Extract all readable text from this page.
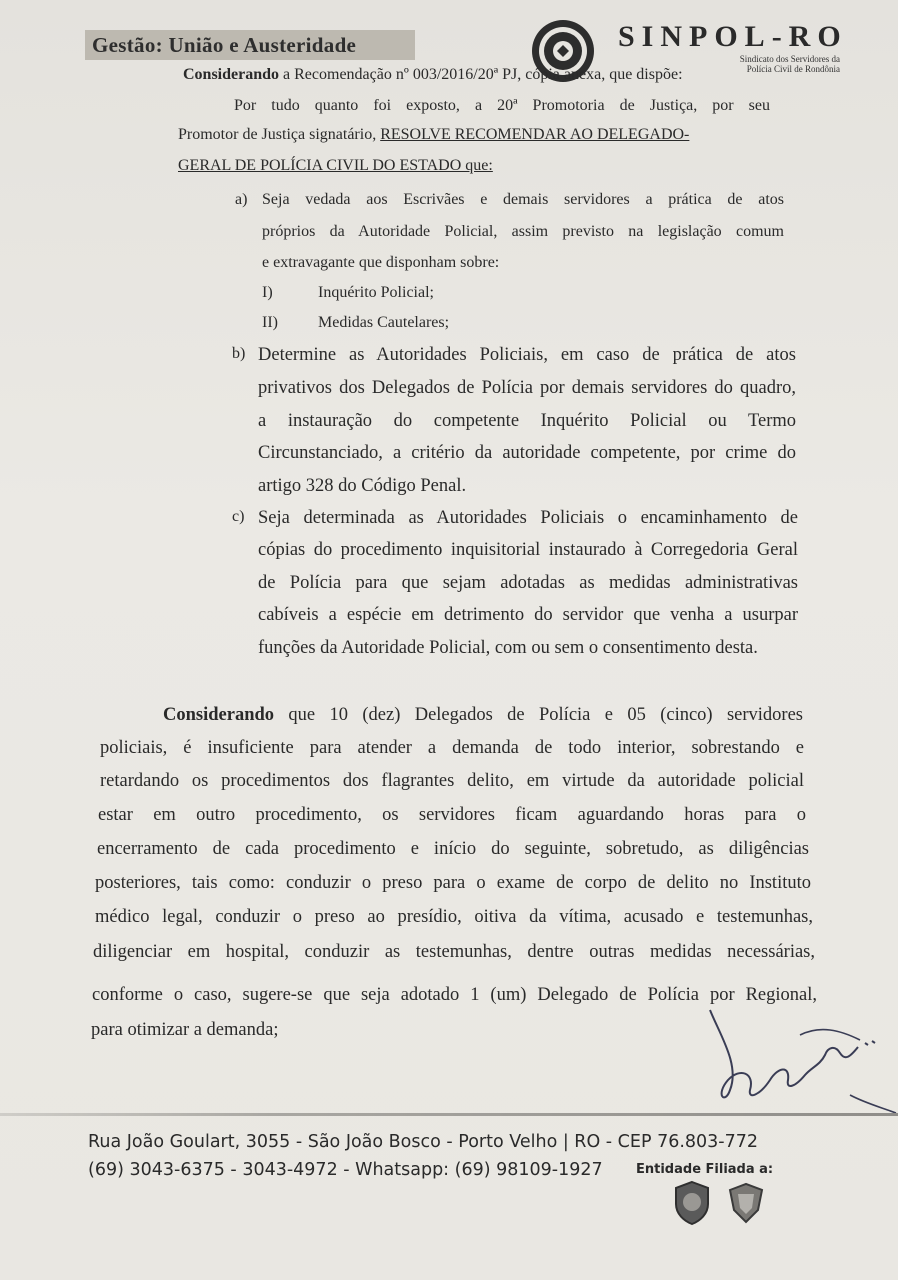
Gestão: União e Austeridade	SINPOL-RO
Sindicato dos Servidores da
Polícia Civil de Rondônia
Considerando a Recomendação nº 003/2016/20ª PJ, cópia anexa, que dispõe:
Por tudo quanto foi exposto, a 20ª Promotoria de Justiça, por seu
Promotor de Justiça signatário, RESOLVE RECOMENDAR AO DELEGADO-
GERAL DE POLÍCIA CIVIL DO ESTADO que:
a) Seja vedada aos Escrivães e demais servidores a prática de atos
próprios da Autoridade Policial, assim previsto na legislação comum
e extravagante que disponham sobre:
I)	Inquérito Policial;
II)	Medidas Cautelares;
b) Determine as Autoridades Policiais, em caso de prática de atos
privativos dos Delegados de Polícia por demais servidores do quadro,
a instauração do competente Inquérito Policial ou Termo
Circunstanciado, a critério da autoridade competente, por crime do
artigo 328 do Código Penal.
c) Seja determinada as Autoridades Policiais o encaminhamento de
cópias do procedimento inquisitorial instaurado à Corregedoria Geral
de Polícia para que sejam adotadas as medidas administrativas
cabíveis a espécie em detrimento do servidor que venha a usurpar
funções da Autoridade Policial, com ou sem o consentimento desta.
Considerando que 10 (dez) Delegados de Polícia e 05 (cinco) servidores
policiais, é insuficiente para atender a demanda de todo interior, sobrestando e
retardando os procedimentos dos flagrantes delito, em virtude da autoridade policial
estar em outro procedimento, os servidores ficam aguardando horas para o
encerramento de cada procedimento e início do seguinte, sobretudo, as diligências
posteriores, tais como: conduzir o preso para o exame de corpo de delito no Instituto
médico legal, conduzir o preso ao presídio, oitiva da vítima, acusado e testemunhas,
diligenciar em hospital, conduzir as testemunhas, dentre outras medidas necessárias,
conforme o caso, sugere-se que seja adotado 1 (um) Delegado de Polícia por Regional,
para otimizar a demanda;
Rua João Goulart, 3055 - São João Bosco - Porto Velho | RO - CEP 76.803-772
(69) 3043-6375 - 3043-4972 - Whatsapp: (69) 98109-1927	Entidade Filiada a:
